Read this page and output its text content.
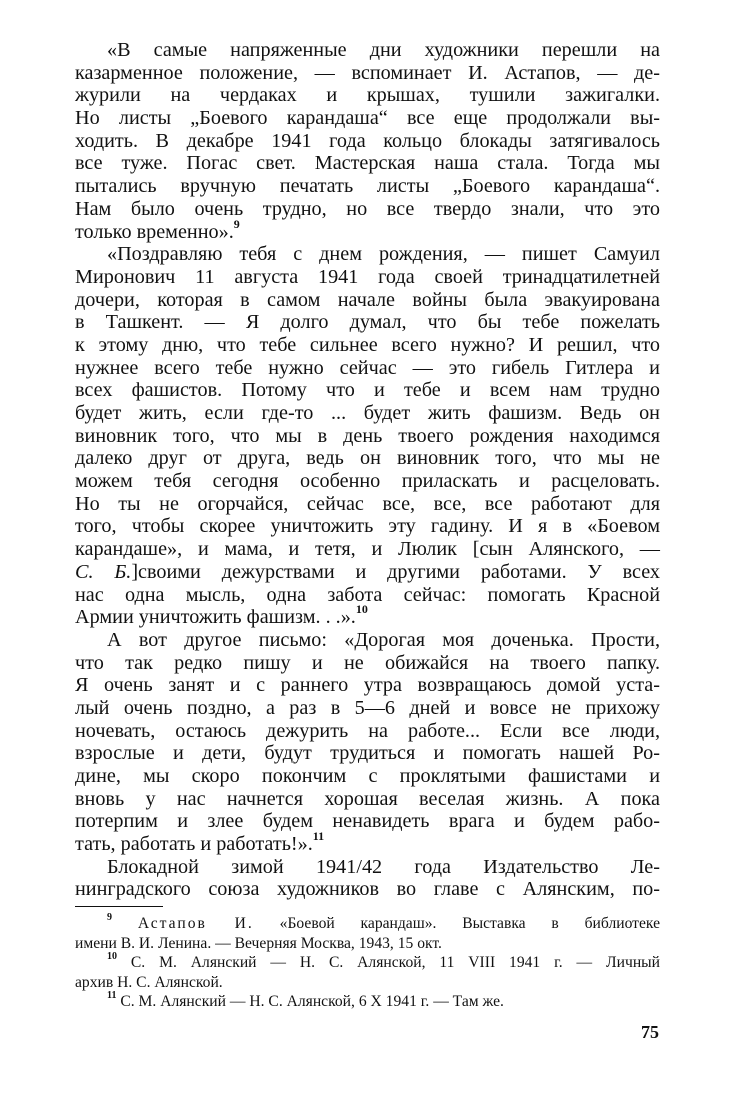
«В самые напряженные дни художники перешли на
казарменное положение, — вспоминает И. Астапов, — де-
журили на чердаках и крышах, тушили зажигалки.
Но листы „Боевого карандаша“ все еще продолжали вы-
ходить. В декабре 1941 года кольцо блокады затягивалось
все туже. Погас свет. Мастерская наша стала. Тогда мы
пытались вручную печатать листы „Боевого карандаша“.
Нам было очень трудно, но все твердо знали, что это
только временно».$^9$
«Поздравляю тебя с днем рождения, — пишет Самуил
Миронович 11 августа 1941 года своей тринадцатилетней
дочери, которая в самом начале войны была эвакуирована
в Ташкент. — Я долго думал, что бы тебе пожелать
к этому дню, что тебе сильнее всего нужно? И решил, что
нужнее всего тебе нужно сейчас — это гибель Гитлера и
всех фашистов. Потому что и тебе и всем нам трудно
будет жить, если где-то ... будет жить фашизм. Ведь он
виновник того, что мы в день твоего рождения находимся
далеко друг от друга, ведь он виновник того, что мы не
можем тебя сегодня особенно приласкать и расцеловать.
Но ты не огорчайся, сейчас все, все, все работают для
того, чтобы скорее уничтожить эту гадину. И я в «Боевом
карандаше», и мама, и тетя, и Люлик [сын Алянского, —
С. Б.]своими дежурствами и другими работами. У всех
нас одна мысль, одна забота сейчас: помогать Красной
Армии уничтожить фашизм. . .».$^{10}$
А вот другое письмо: «Дорогая моя доченька. Прости,
что так редко пишу и не обижайся на твоего папку.
Я очень занят и с раннего утра возвращаюсь домой уста-
лый очень поздно, а раз в 5—6 дней и вовсе не прихожу
ночевать, остаюсь дежурить на работе... Если все люди,
взрослые и дети, будут трудиться и помогать нашей Ро-
дине, мы скоро покончим с проклятыми фашистами и
вновь у нас начнется хорошая веселая жизнь. А пока
потерпим и злее будем ненавидеть врага и будем рабо-
тать, работать и работать!».$^{11}$
Блокадной зимой 1941/42 года Издательство Ле-
нинградского союза художников во главе с Алянским, по-
$^9$ Астапов И. «Боевой карандаш». Выставка в библиотеке
имени В. И. Ленина. — Вечерняя Москва, 1943, 15 окт.
$^{10}$ С. М. Алянский — Н. С. Алянской, 11 VIII 1941 г. — Личный
архив Н. С. Алянской.
$^{11}$ С. М. Алянский — Н. С. Алянской, 6 X 1941 г. — Там же.
75
